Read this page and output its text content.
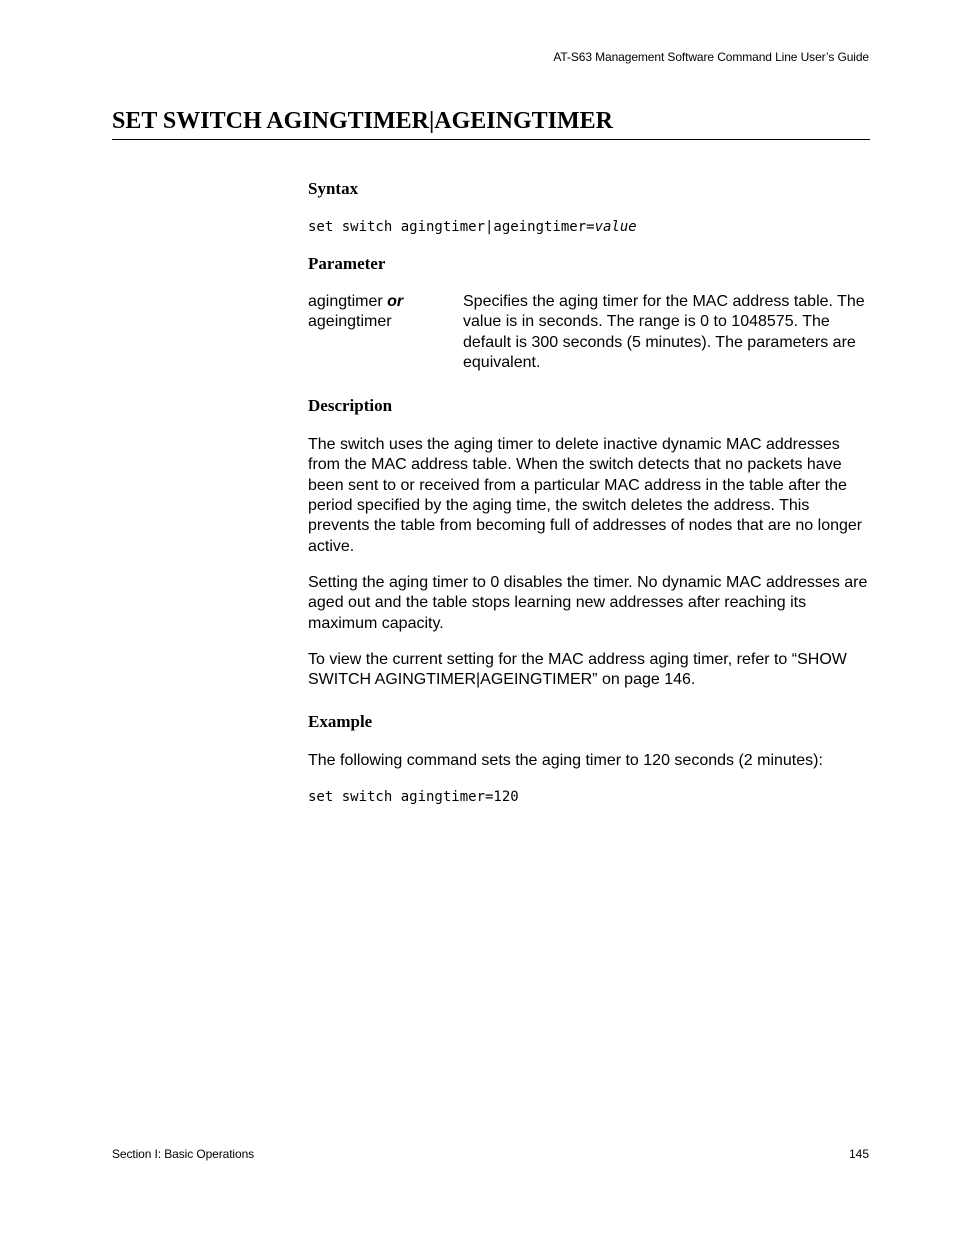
AT-S63 Management Software Command Line User’s Guide
SET SWITCH AGINGTIMER|AGEINGTIMER
Syntax

set switch agingtimer|ageingtimer=value

Parameter
agingtimer or
ageingtimer
Specifies the aging timer for the MAC address table. The value is in seconds. The range is 0 to 1048575. The default is 300 seconds (5 minutes). The parameters are equivalent.
Description

The switch uses the aging timer to delete inactive dynamic MAC addresses from the MAC address table. When the switch detects that no packets have been sent to or received from a particular MAC address in the table after the period specified by the aging time, the switch deletes the address. This prevents the table from becoming full of addresses of nodes that are no longer active.

Setting the aging timer to 0 disables the timer. No dynamic MAC addresses are aged out and the table stops learning new addresses after reaching its maximum capacity.

To view the current setting for the MAC address aging timer, refer to “SHOW SWITCH AGINGTIMER|AGEINGTIMER” on page 146.

Example

The following command sets the aging timer to 120 seconds (2 minutes):

set switch agingtimer=120

Section I: Basic Operations	145
